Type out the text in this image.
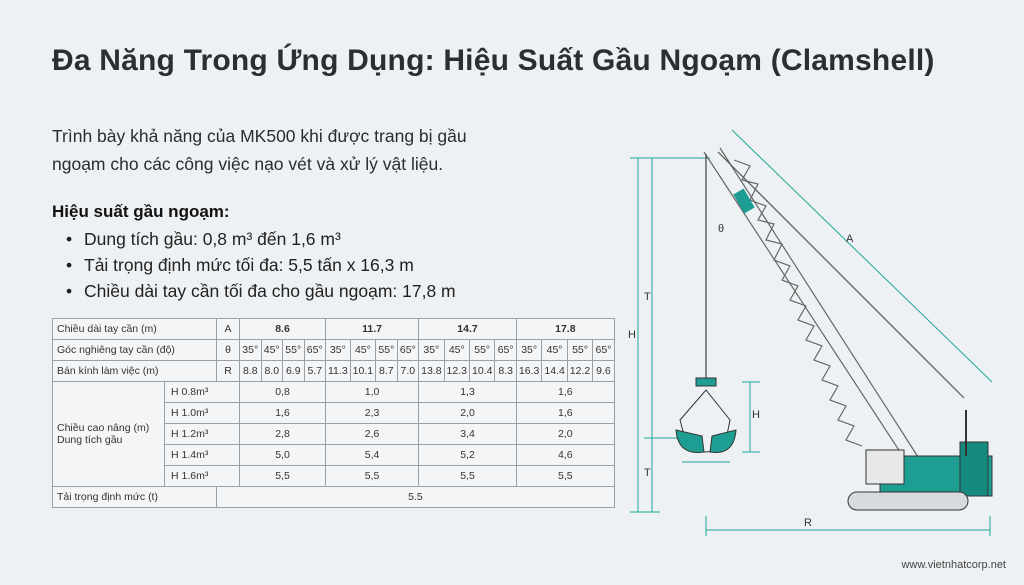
Đa Năng Trong Ứng Dụng: Hiệu Suất Gầu Ngoạm (Clamshell)
Trình bày khả năng của MK500 khi được trang bị gầu ngoạm cho các công việc nạo vét và xử lý vật liệu.
Hiệu suất gầu ngoạm:
• Dung tích gầu: 0,8 m³ đến 1,6 m³
• Tải trọng định mức tối đa: 5,5 tấn x 16,3 m
• Chiều dài tay cần tối đa cho gầu ngoạm: 17,8 m
Chiều dài tay cần (m)		A	8.6				11.7				14.7				17.8			
Góc nghiêng tay cần (độ)		θ	35°	45°	55°	65°	35°	45°	55°	65°	35°	45°	55°	65°	35°	45°	55°	65°
Bán kính làm việc (m)		R	8.8	8.0	6.9	5.7	11.3	10.1	8.7	7.0	13.8	12.3	10.4	8.3	16.3	14.4	12.2	9.6

Chiều cao nâng (m)
Dung tích gầu	H 0.8m³		0,8				1,0				1,3				1,6			
	H 1.0m³		1,6				2,3				2,0				1,6			
	H 1.2m³		2,8				2,6				3,4				2,0			
	H 1.4m³		5,0				5,4				5,2				4,6			
	H 1.6m³		5,5				5,5				5,5				5,5			
Tải trọng định mức (t)		5.5																
θ
A
H
T
T
H
R
www.vietnhatcorp.net
